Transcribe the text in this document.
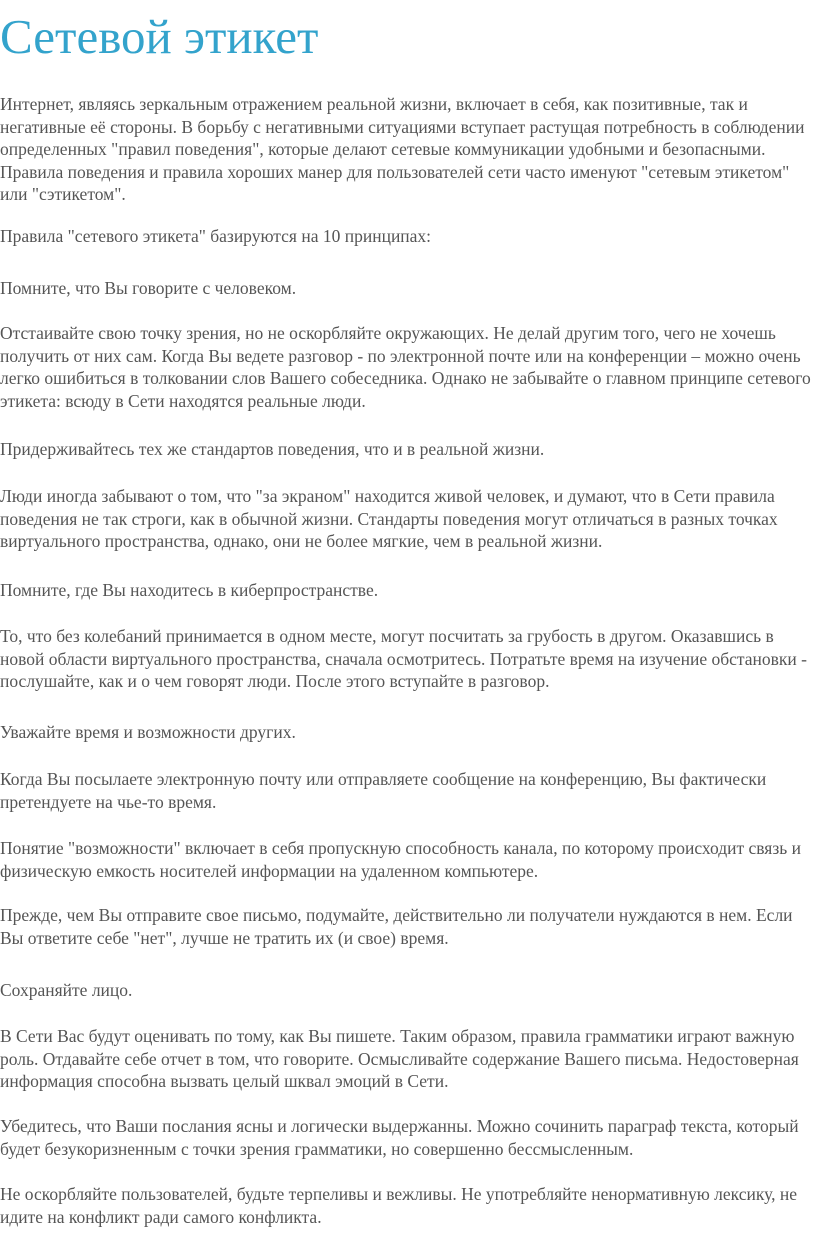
Сетевой этикет

Интернет, являясь зеркальным отражением реальной жизни, включает в себя, как позитивные, так и негативные её стороны. В борьбу с негативными ситуациями вступает растущая потребность в соблюдении определенных "правил поведения", которые делают сетевые коммуникации удобными и безопасными. Правила поведения и правила хороших манер для пользователей сети часто именуют "сетевым этикетом" или "сэтикетом".

Правила "сетевого этикета" базируются на 10 принципах:

Помните, что Вы говорите с человеком.

Отстаивайте свою точку зрения, но не оскорбляйте окружающих. Не делай другим того, чего не хочешь получить от них сам. Когда Вы ведете разговор - по электронной почте или на конференции – можно очень легко ошибиться в толковании слов Вашего собеседника. Однако не забывайте о главном принципе сетевого этикета: всюду в Сети находятся реальные люди.

Придерживайтесь тех же стандартов поведения, что и в реальной жизни.

Люди иногда забывают о том, что "за экраном" находится живой человек, и думают, что в Сети правила поведения не так строги, как в обычной жизни. Стандарты поведения могут отличаться в разных точках виртуального пространства, однако, они не более мягкие, чем в реальной жизни.

Помните, где Вы находитесь в киберпространстве.

То, что без колебаний принимается в одном месте, могут посчитать за грубость в другом. Оказавшись в новой области виртуального пространства, сначала осмотритесь. Потратьте время на изучение обстановки - послушайте, как и о чем говорят люди. После этого вступайте в разговор.

Уважайте время и возможности других.

Когда Вы посылаете электронную почту или отправляете сообщение на конференцию, Вы фактически претендуете на чье-то время.

Понятие "возможности" включает в себя пропускную способность канала, по которому происходит связь и физическую емкость носителей информации на удаленном компьютере.

Прежде, чем Вы отправите свое письмо, подумайте, действительно ли получатели нуждаются в нем. Если Вы ответите себе "нет", лучше не тратить их (и свое) время.

Сохраняйте лицо.

В Сети Вас будут оценивать по тому, как Вы пишете. Таким образом, правила грамматики играют важную роль. Отдавайте себе отчет в том, что говорите. Осмысливайте содержание Вашего письма. Недостоверная информация способна вызвать целый шквал эмоций в Сети.

Убедитесь, что Ваши послания ясны и логически выдержанны. Можно сочинить параграф текста, который будет безукоризненным с точки зрения грамматики, но совершенно бессмысленным.

Не оскорбляйте пользователей, будьте терпеливы и вежливы. Не употребляйте ненормативную лексику, не идите на конфликт ради самого конфликта.
